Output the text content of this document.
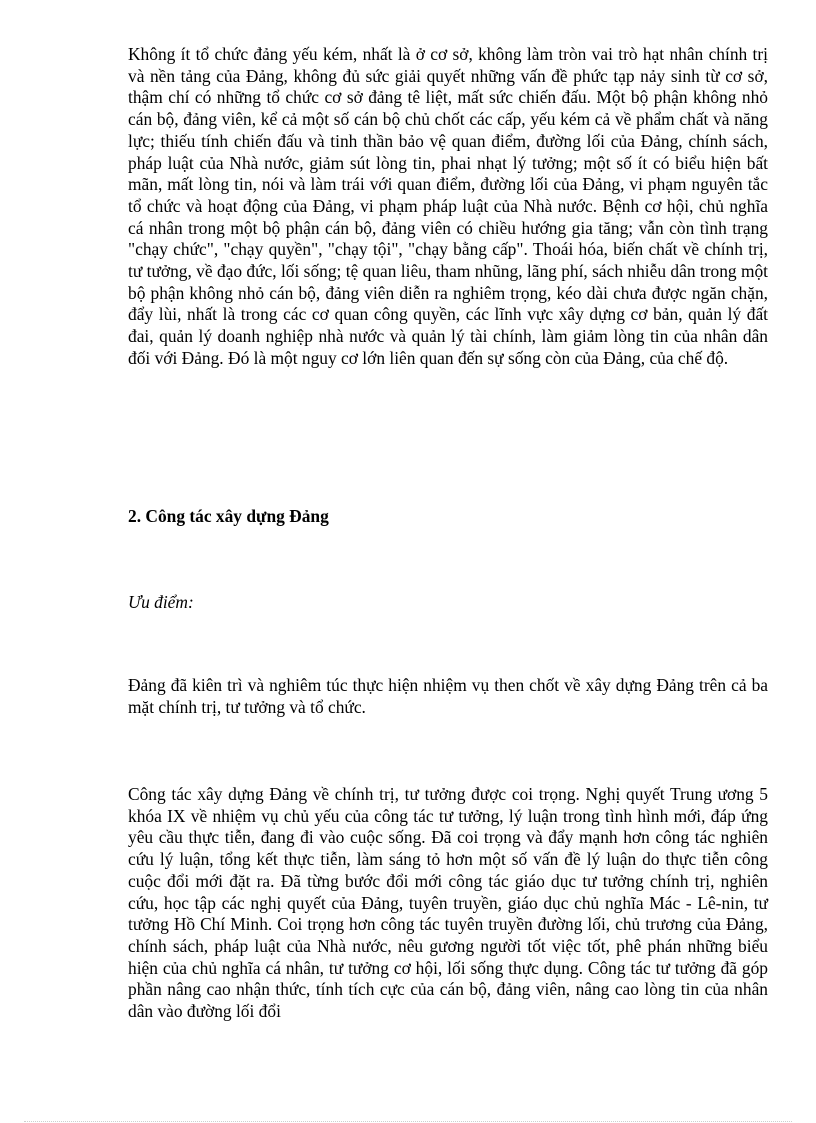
Không ít tổ chức đảng yếu kém, nhất là ở cơ sở, không làm tròn vai trò hạt nhân chính trị và nền tảng của Đảng, không đủ sức giải quyết những vấn đề phức tạp nảy sinh từ cơ sở, thậm chí có những tổ chức cơ sở đảng tê liệt, mất sức chiến đấu. Một bộ phận không nhỏ cán bộ, đảng viên, kể cả một số cán bộ chủ chốt các cấp, yếu kém cả về phẩm chất và năng lực; thiếu tính chiến đấu và tinh thần bảo vệ quan điểm, đường lối của Đảng, chính sách, pháp luật của Nhà nước, giảm sút lòng tin, phai nhạt lý tưởng; một số ít có biểu hiện bất mãn, mất lòng tin, nói và làm trái với quan điểm, đường lối của Đảng, vi phạm nguyên tắc tổ chức và hoạt động của Đảng, vi phạm pháp luật của Nhà nước. Bệnh cơ hội, chủ nghĩa cá nhân trong một bộ phận cán bộ, đảng viên có chiều hướng gia tăng; vẫn còn tình trạng "chạy chức", "chạy quyền", "chạy tội", "chạy bằng cấp". Thoái hóa, biến chất về chính trị, tư tưởng, về đạo đức, lối sống; tệ quan liêu, tham nhũng, lãng phí, sách nhiễu dân trong một bộ phận không nhỏ cán bộ, đảng viên diễn ra nghiêm trọng, kéo dài chưa được ngăn chặn, đẩy lùi, nhất là trong các cơ quan công quyền, các lĩnh vực xây dựng cơ bản, quản lý đất đai, quản lý doanh nghiệp nhà nước và quản lý tài chính, làm giảm lòng tin của nhân dân đối với Đảng. Đó là một nguy cơ lớn liên quan đến sự sống còn của Đảng, của chế độ.

2. Công tác xây dựng Đảng

Ưu điểm:

Đảng đã kiên trì và nghiêm túc thực hiện nhiệm vụ then chốt về xây dựng Đảng trên cả ba mặt chính trị, tư tưởng và tổ chức.

Công tác xây dựng Đảng về chính trị, tư tưởng được coi trọng. Nghị quyết Trung ương 5 khóa IX về nhiệm vụ chủ yếu của công tác tư tưởng, lý luận trong tình hình mới, đáp ứng yêu cầu thực tiễn, đang đi vào cuộc sống. Đã coi trọng và đẩy mạnh hơn công tác nghiên cứu lý luận, tổng kết thực tiễn, làm sáng tỏ hơn một số vấn đề lý luận do thực tiễn công cuộc đổi mới đặt ra. Đã từng bước đổi mới công tác giáo dục tư tưởng chính trị, nghiên cứu, học tập các nghị quyết của Đảng, tuyên truyền, giáo dục chủ nghĩa Mác - Lê-nin, tư tưởng Hồ Chí Minh. Coi trọng hơn công tác tuyên truyền đường lối, chủ trương của Đảng, chính sách, pháp luật của Nhà nước, nêu gương người tốt việc tốt, phê phán những biểu hiện của chủ nghĩa cá nhân, tư tưởng cơ hội, lối sống thực dụng. Công tác tư tưởng đã góp phần nâng cao nhận thức, tính tích cực của cán bộ, đảng viên, nâng cao lòng tin của nhân dân vào đường lối đổi
